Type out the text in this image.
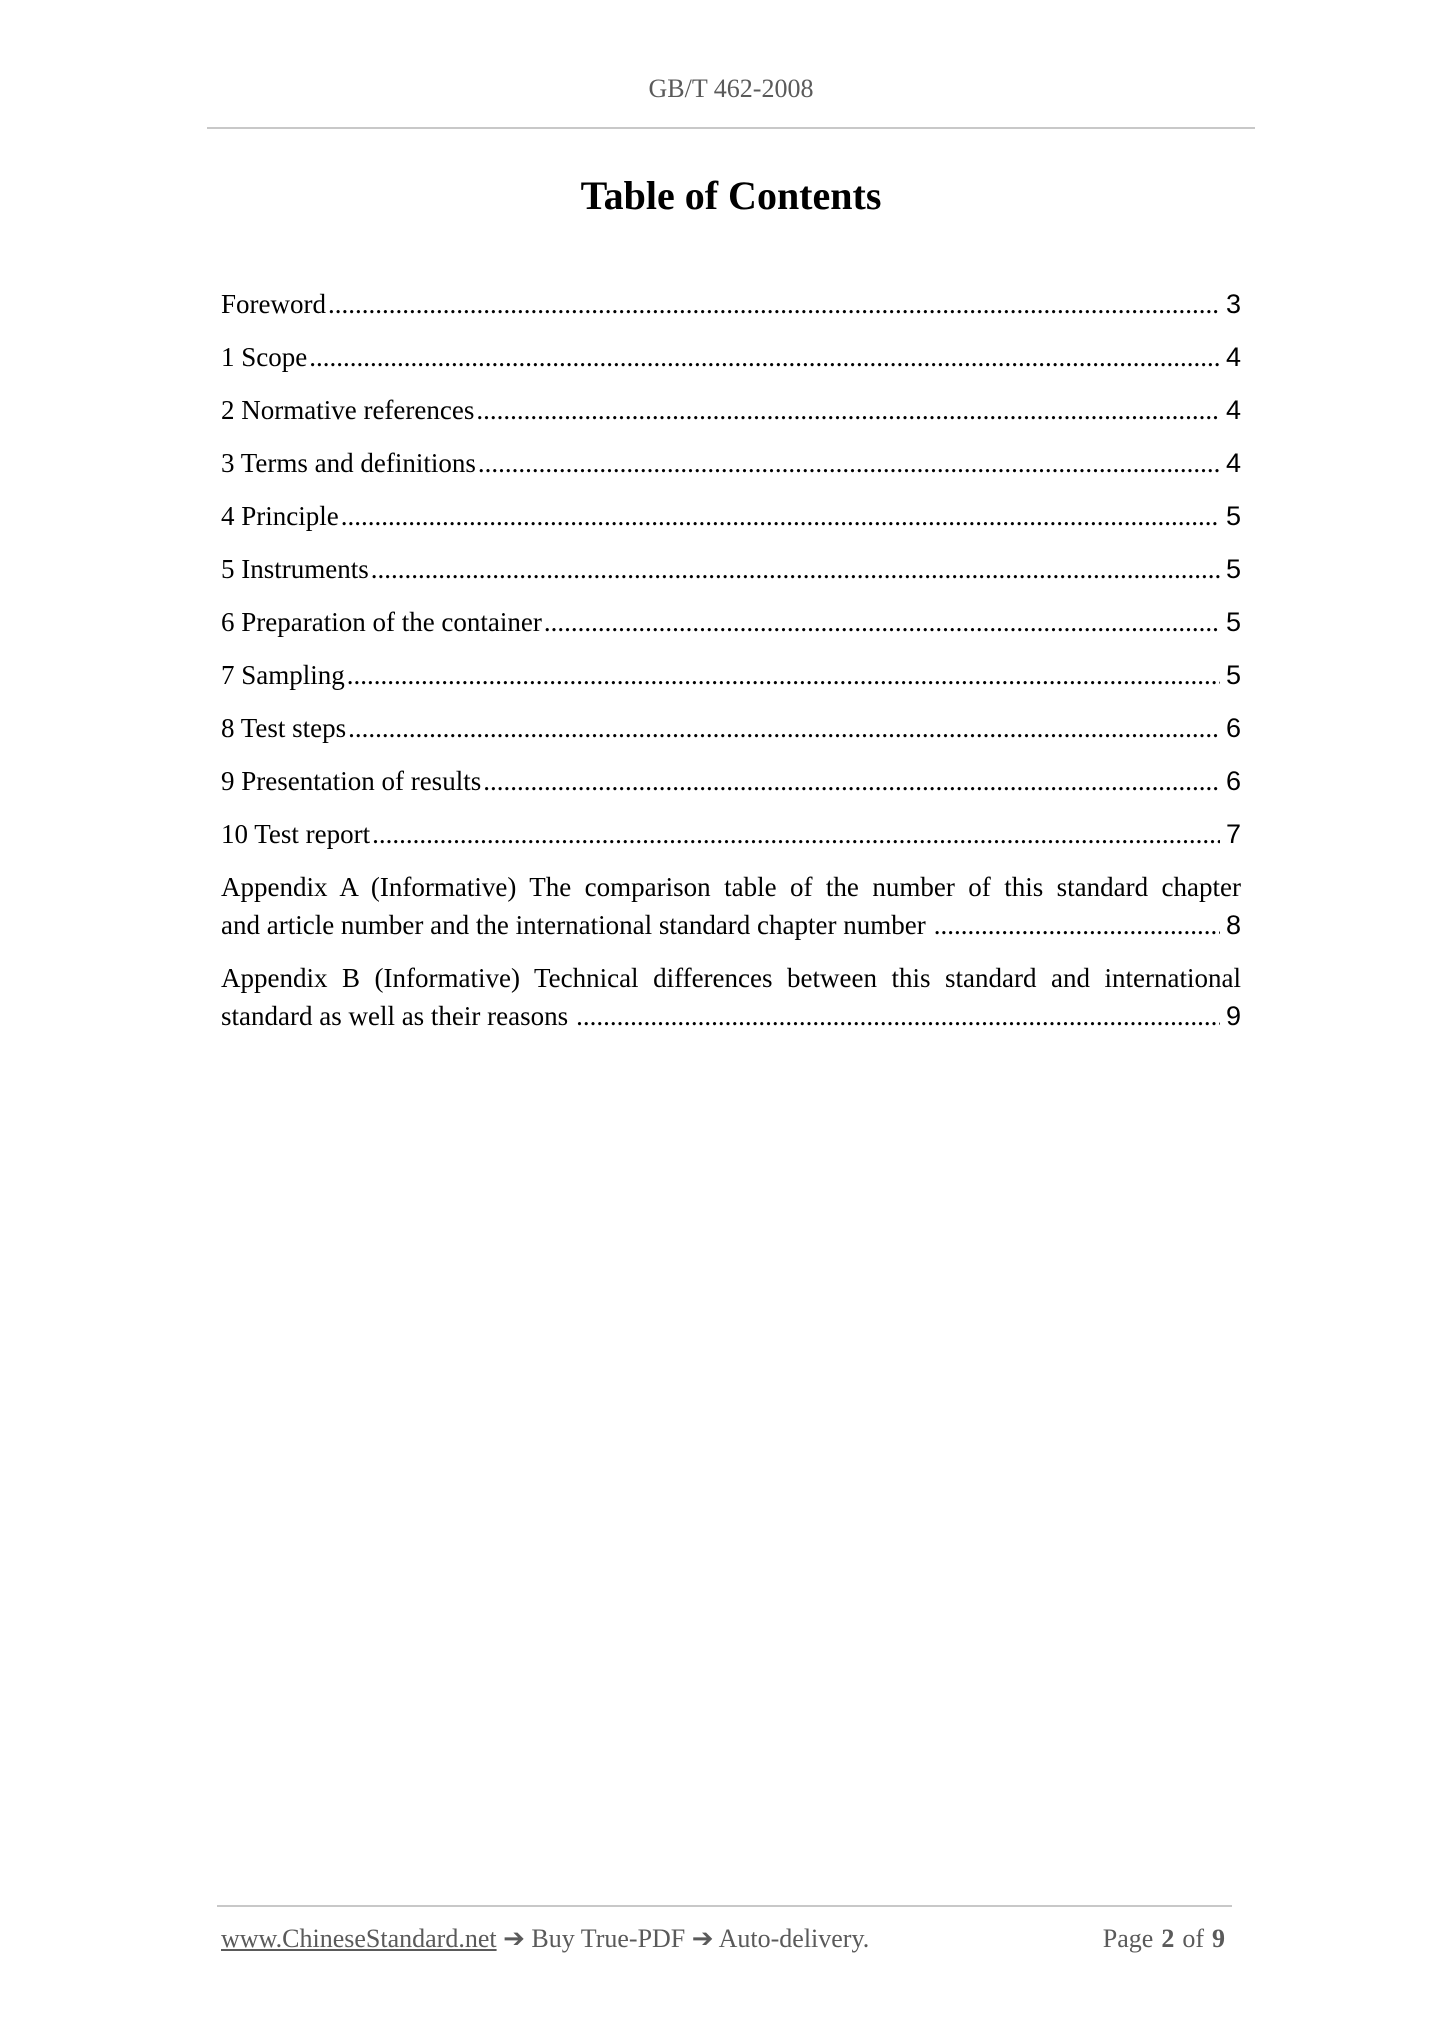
GB/T 462-2008
Table of Contents
Foreword .....	3
1 Scope .....	4
2 Normative references .....	4
3 Terms and definitions .....	4
4 Principle .....	5
5 Instruments .....	5
6 Preparation of the container .....	5
7 Sampling .....	5
8 Test steps .....	6
9 Presentation of results .....	6
10 Test report .....	7
Appendix A (Informative) The comparison table of the number of this standard chapter
and article number and the international standard chapter number .....	8
Appendix B (Informative) Technical differences between this standard and international
standard as well as their reasons .....	9
www.ChineseStandard.net ➔ Buy True-PDF ➔ Auto-delivery.	Page 2 of 9
